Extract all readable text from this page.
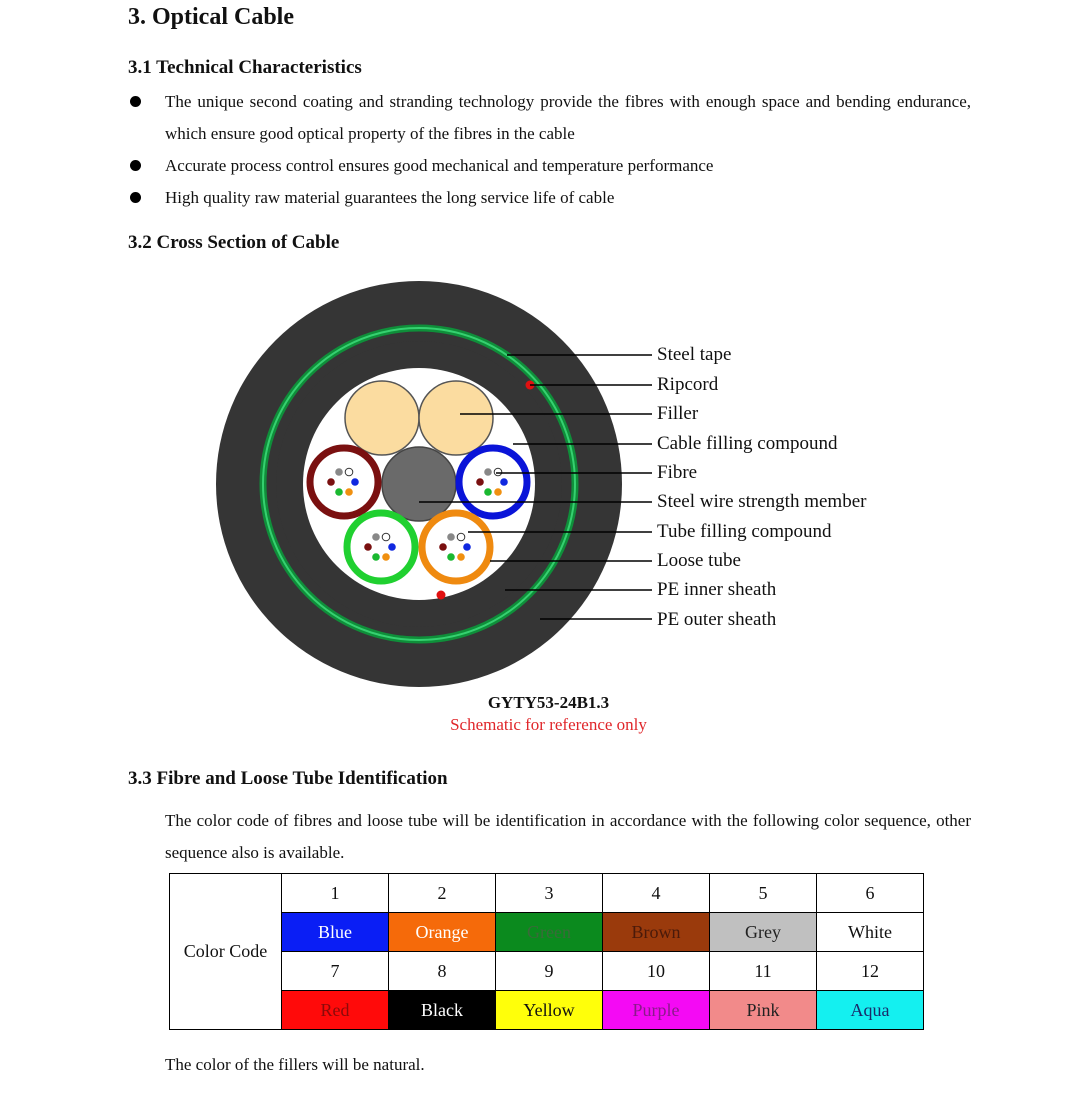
3. Optical Cable
3.1 Technical Characteristics
The unique second coating and stranding technology provide the fibres with enough space and bending endurance, which ensure good optical property of the fibres in the cable
Accurate process control ensures good mechanical and temperature performance
High quality raw material guarantees the long service life of cable
3.2 Cross Section of Cable
Steel tape
Ripcord
Filler
Cable filling compound
Fibre
Steel wire strength member
Tube filling compound
Loose tube
PE inner sheath
PE outer sheath
GYTY53-24B1.3
Schematic for reference only
3.3 Fibre and Loose Tube Identification
The color code of fibres and loose tube will be identification in accordance with the following color sequence, other sequence also is available.
Color Code	1	2	3	4	5	6
	Blue	Orange	Green	Brown	Grey	White
	7	8	9	10	11	12
	Red	Black	Yellow	Purple	Pink	Aqua
The color of the fillers will be natural.
